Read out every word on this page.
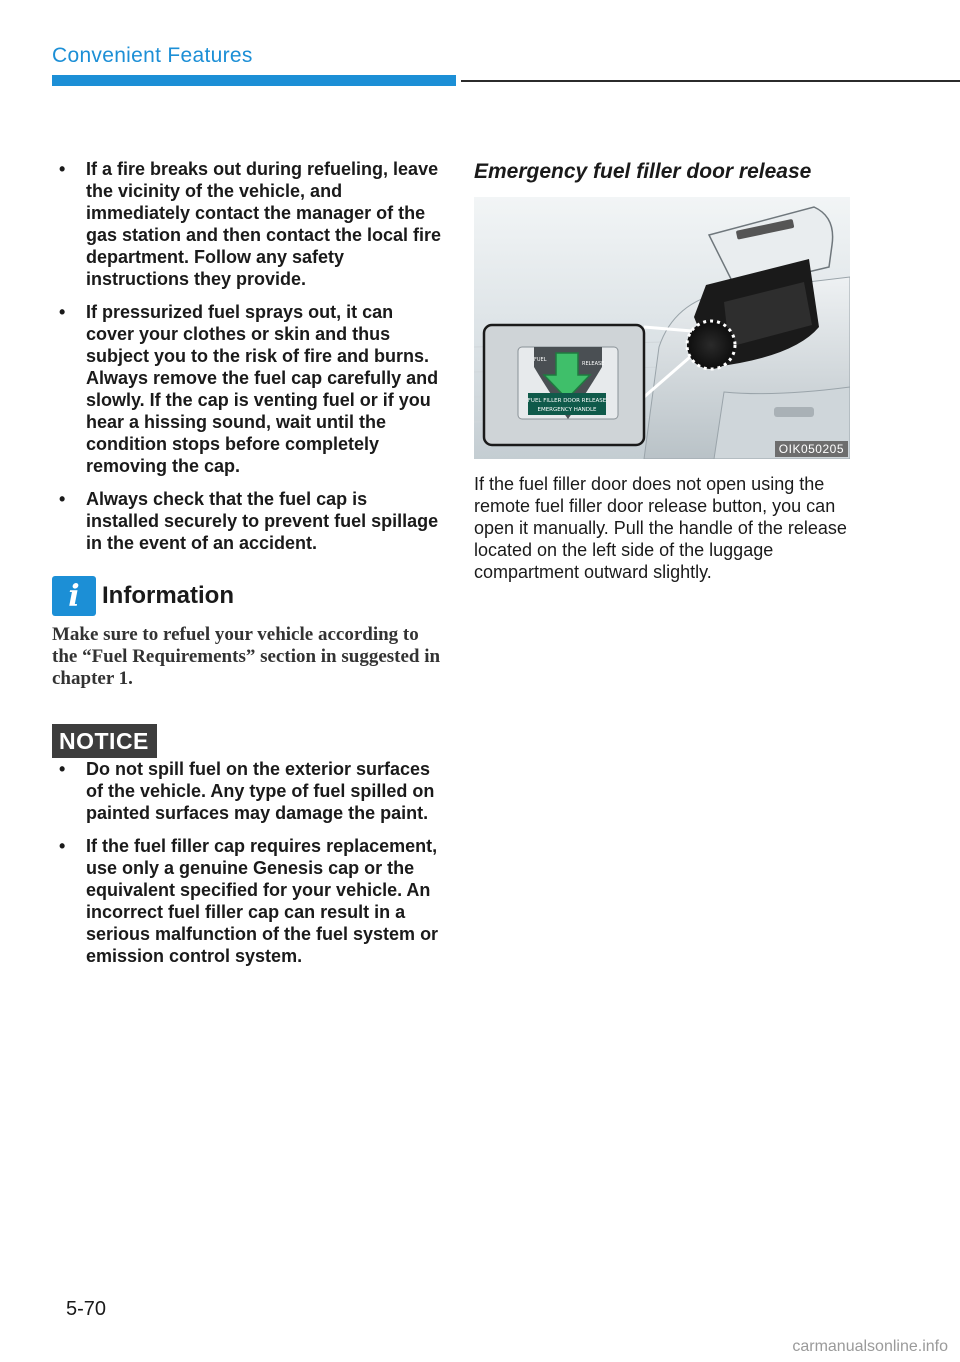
Convenient Features
• If a fire breaks out during refueling, leave the vicinity of the vehicle, and immediately contact the manager of the gas station and then contact the local fire department. Follow any safety instructions they provide.
• If pressurized fuel sprays out, it can cover your clothes or skin and thus subject you to the risk of fire and burns. Always remove the fuel cap carefully and slowly. If the cap is venting fuel or if you hear a hissing sound, wait until the condition stops before completely removing the cap.
• Always check that the fuel cap is installed securely to prevent fuel spillage in the event of an accident.
i Information
Make sure to refuel your vehicle according to the “Fuel Requirements” section in suggested in chapter 1.
NOTICE
• Do not spill fuel on the exterior surfaces of the vehicle. Any type of fuel spilled on painted surfaces may damage the paint.
• If the fuel filler cap requires replacement, use only a genuine Genesis cap or the equivalent specified for your vehicle. An incorrect fuel filler cap can result in a serious malfunction of the fuel system or emission control system.
Emergency fuel filler door release
FUEL FILLER DOOR RELEASE
EMERGENCY HANDLE
FUEL
RELEASE
OIK050205
If the fuel filler door does not open using the remote fuel filler door release button, you can open it manually. Pull the handle of the release located on the left side of the luggage compartment outward slightly.
5-70
carmanualsonline.info
